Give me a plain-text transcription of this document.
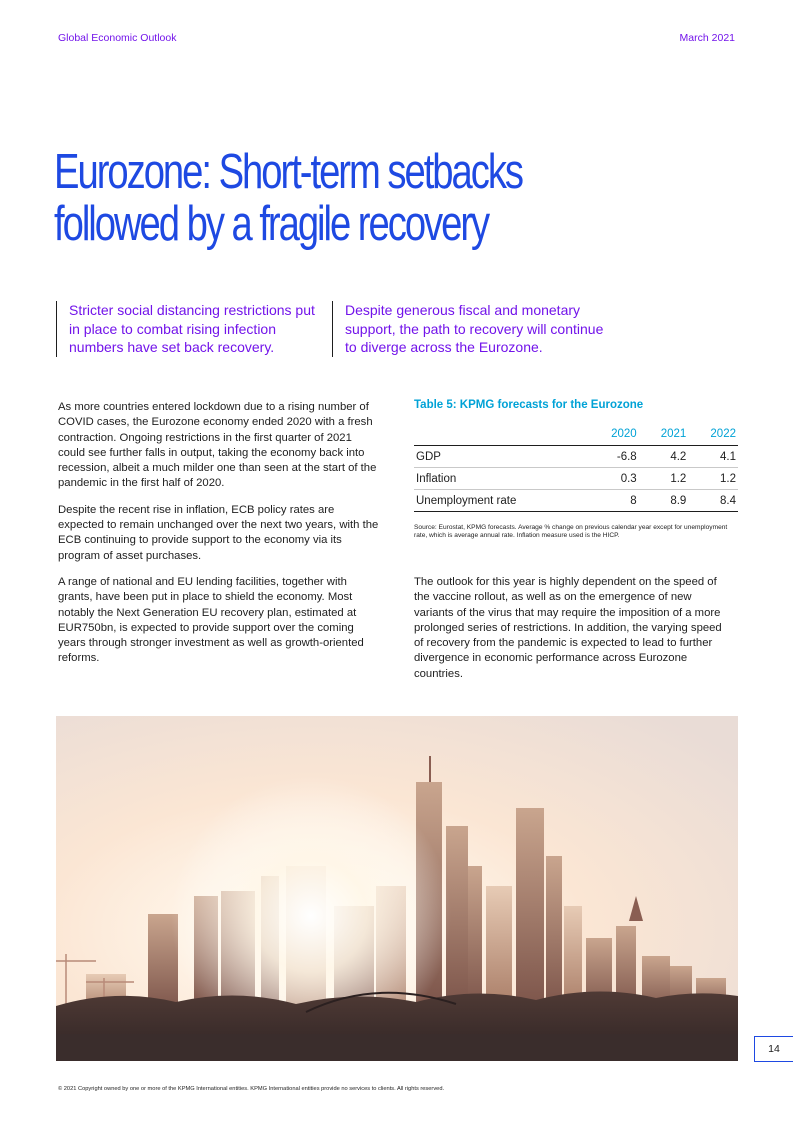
Global Economic Outlook	March 2021
Eurozone: Short-term setbacks
followed by a fragile recovery
Stricter social distancing restrictions put in place to combat rising infection numbers have set back recovery.
Despite generous fiscal and monetary support, the path to recovery will continue to diverge across the Eurozone.

As more countries entered lockdown due to a rising number of COVID cases, the Eurozone economy ended 2020 with a fresh contraction. Ongoing restrictions in the first quarter of 2021 could see further falls in output, taking the economy back into recession, albeit a much milder one than seen at the start of the pandemic in the first half of 2020.

Despite the recent rise in inflation, ECB policy rates are expected to remain unchanged over the next two years, with the ECB continuing to provide support to the economy via its program of asset purchases.

A range of national and EU lending facilities, together with grants, have been put in place to shield the economy. Most notably the Next Generation EU recovery plan, estimated at EUR750bn, is expected to provide support over the coming years through stronger investment as well as growth-oriented reforms.

Table 5: KPMG forecasts for the Eurozone
	2020	2021	2022
GDP	-6.8	4.2	4.1
Inflation	0.3	1.2	1.2
Unemployment rate	8	8.9	8.4
Source: Eurostat, KPMG forecasts. Average % change on previous calendar year except for unemployment rate, which is average annual rate. Inflation measure used is the HICP.

The outlook for this year is highly dependent on the speed of the vaccine rollout, as well as on the emergence of new variants of the virus that may require the imposition of a more prolonged series of restrictions. In addition, the varying speed of recovery from the pandemic is expected to lead to further divergence in economic performance across Eurozone countries.

14
© 2021 Copyright owned by one or more of the KPMG International entities. KPMG International entities provide no services to clients. All rights reserved.
